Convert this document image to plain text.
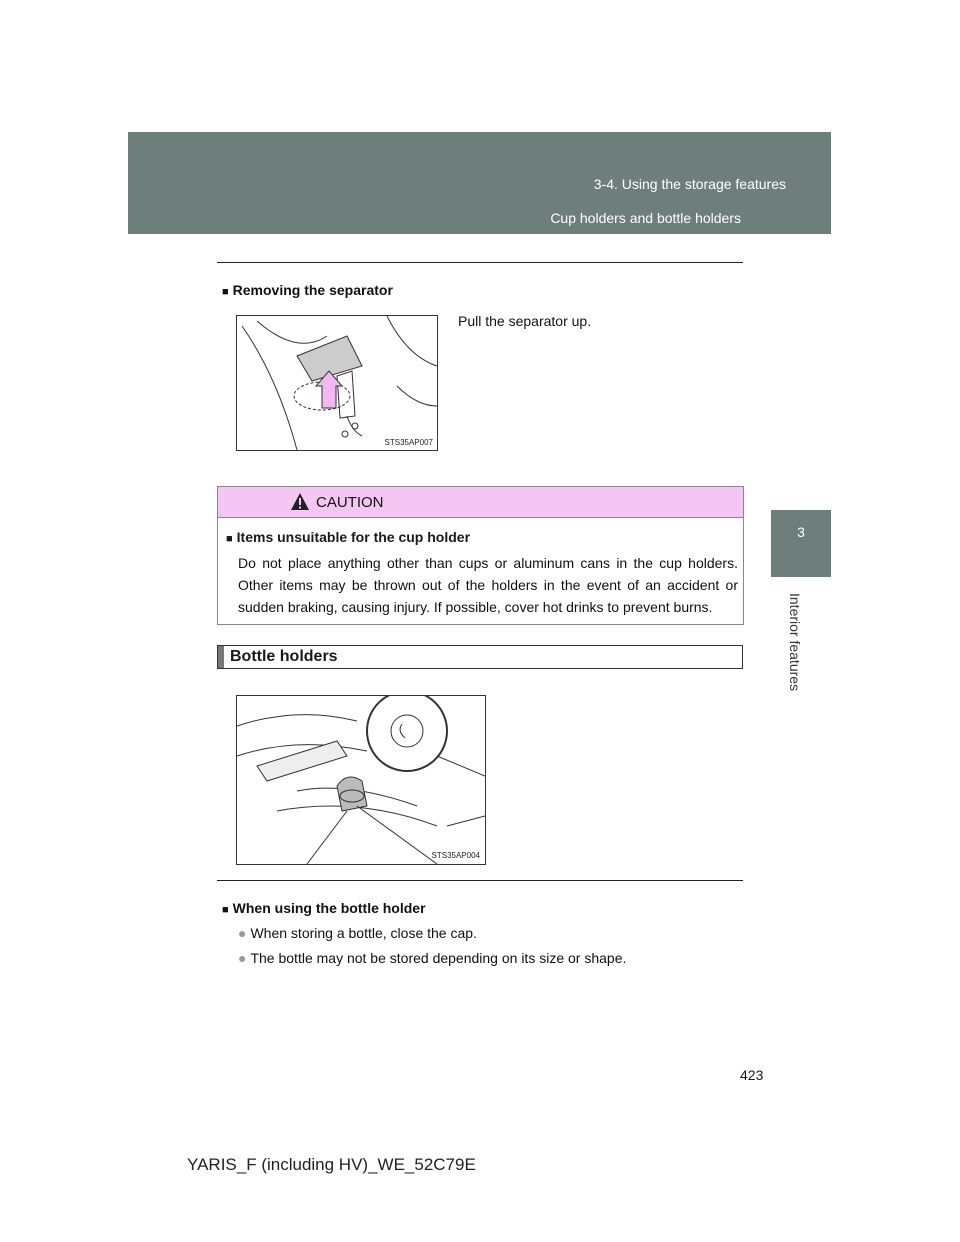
3-4. Using the storage features
Cup holders and bottle holders
3
Interior features
■ Removing the separator
STS35AP007
Pull the separator up.
CAUTION
■ Items unsuitable for the cup holder
Do not place anything other than cups or aluminum cans in the cup holders. Other items may be thrown out of the holders in the event of an accident or sudden braking, causing injury. If possible, cover hot drinks to prevent burns.
Bottle holders
STS35AP004
■ When using the bottle holder
● When storing a bottle, close the cap.
● The bottle may not be stored depending on its size or shape.
423
YARIS_F (including HV)_WE_52C79E
